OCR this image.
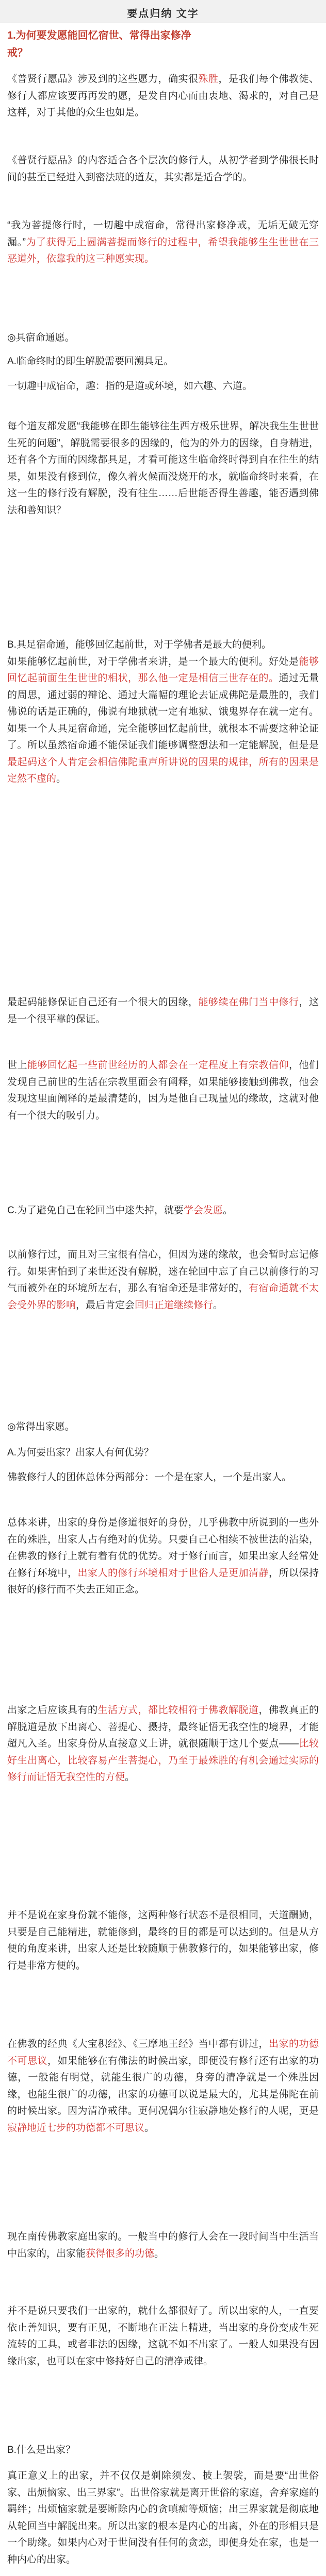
要点归纳 文字
1.为何要发愿能回忆宿世、常得出家修净
戒？

《普贤行愿品》涉及到的这些愿力，确实很殊胜，是我们每个佛教徒、修行人都应该要再再发的愿，是发自内心而由衷地、渴求的，对自己是这样，对于其他的众生也如是。

《普贤行愿品》的内容适合各个层次的修行人，从初学者到学佛很长时间的甚至已经进入到密法班的道友，其实都是适合学的。

“我为菩提修行时，一切趣中成宿命，常得出家修净戒，无垢无破无穿漏。”为了获得无上圆满菩提而修行的过程中，希望我能够生生世世在三恶道外，依靠我的这三种愿实现。

◎具宿命通愿。

A.临命终时的即生解脱需要回溯具足。

一切趣中成宿命，趣：指的是道或环境，如六趣、六道。

每个道友都发愿“我能够在即生能够往生西方极乐世界，解决我生生世世生死的问题”，解脱需要很多的因缘的，他为的外力的因缘，自身精进，还有各个方面的因缘都具足，才看可能这生临命终时得到自在往生的结果，如果没有修到位，像久着火候而没烧开的水，就临命终时来看，在这一生的修行没有解脱，没有往生……后世能否得生善趣，能否遇到佛法和善知识？

B.具足宿命通，能够回忆起前世，对于学佛者是最大的便利。
如果能够忆起前世，对于学佛者来讲，是一个最大的便利。好处是能够回忆起前面生生世世的相状，那么他一定是相信三世存在的。通过无量的周思，通过弱的辩论、通过大篇幅的理论去证成佛陀是最胜的，我们佛说的话是正确的，佛说有地狱就一定有地狱、饿鬼界存在就一定有。如果一个人具足宿命通，完全能够回忆起前世，就根本不需要这种论证了。所以虽然宿命通不能保证我们能够调整想法和一定能解脱，但是是最起码这个人肯定会相信佛陀重声所讲说的因果的规律，所有的因果是定然不虚的。

最起码能修保证自己还有一个很大的因缘，能够续在佛门当中修行，这是一个很平靠的保证。

世上能够回忆起一些前世经历的人都会在一定程度上有宗教信仰，他们发现自己前世的生活在宗教里面会有阐释，如果能够接触到佛教，他会发现这里面阐释的是最清楚的，因为是他自己现量见的缘故，这就对他有一个很大的吸引力。

C.为了避免自己在轮回当中迷失掉，就要学会发愿。

以前修行过，而且对三宝很有信心，但因为迷的缘故，也会暂时忘记修行。如果害怕到了来世还没有解脱，迷在轮回中忘了自己以前修行的习气而被外在的环境所左右，那么有宿命还是非常好的，有宿命通就不太会受外界的影响，最后肯定会回归正道继续修行。

◎常得出家愿。

A.为何要出家？出家人有何优势？

佛教修行人的团体总体分两部分：一个是在家人，一个是出家人。

总体来讲，出家的身份是修道很好的身份，几乎佛教中所说到的一些外在的殊胜，出家人占有绝对的优势。只要自己心相续不被世法的沾染，在佛教的修行上就有着有优的优势。对于修行而言，如果出家人经常处在修行环境中，出家人的修行环境相对于世俗人是更加清静，所以保持很好的修行而不失去正知正念。

出家之后应该具有的生活方式，都比较相符于佛教解脱道，佛教真正的解脱道是放下出离心、菩提心、摄持，最终证悟无我空性的境界，才能超凡入圣。出家身份从直接意义上讲，就很随顺于这几个要点——比较好生出离心，比较容易产生菩提心，乃至于最殊胜的有机会通过实际的修行而证悟无我空性的方便。

并不是说在家身份就不能修，这两种修行状态不是很相同，天道酬勤，只要是自己能精进，就能修到，最终的目的都是可以达到的。但是从方便的角度来讲，出家人还是比较随顺于佛教修行的，如果能够出家，修行是非常方便的。

在佛教的经典《大宝积经》、《三摩地王经》当中都有讲过，出家的功德不可思议，如果能够在有佛法的时候出家，即便没有修行还有出家的功德，一般能有明觉，就能生很广的功德，身旁的清净就是一个殊胜因缘，也能生很广的功德，出家的功德可以说是最大的，尤其是佛陀在前的时候出家。因为清净戒律。更何况偶尔往寂静地处修行的人呢，更是寂静地近七步的功德都不可思议。

现在南传佛教家庭出家的。一般当中的修行人会在一段时间当中生活当中出家的，出家能获得很多的功德。

并不是说只要我们一出家的，就什么都很好了。所以出家的人，一直要依止善知识，要有正见，不断地在正法上精进，当出家的身份变成生死流转的工具，或者非法的因缘，这就不如不出家了。一般人如果没有因缘出家，也可以在家中修持好自己的清净戒律。

B.什么是出家？

真正意义上的出家，并不仅仅是剃除须发、披上袈裟，而是要“出世俗家、出烦恼家、出三界家”。出世俗家就是离开世俗的家庭，舍弃家庭的羁绊；出烦恼家就是要断除内心的贪嗔痴等烦恼；出三界家就是彻底地从轮回当中解脱出来。所以出家的根本是内心的出离，外在的形相只是一个助缘。如果内心对于世间没有任何的贪恋，即便身处在家，也是一种内心的出家。
